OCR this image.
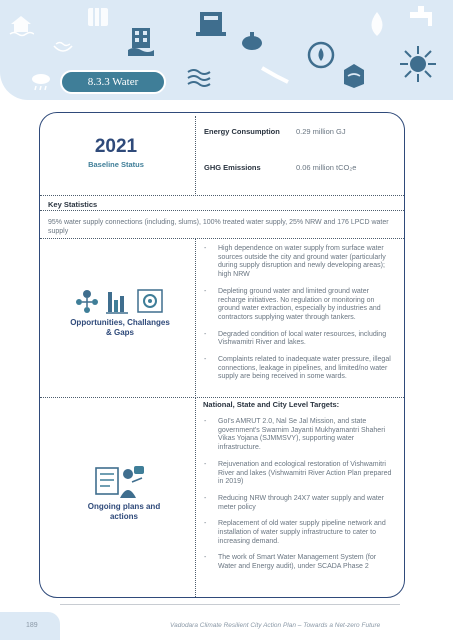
8.3.3 Water
2021
Baseline Status
Energy Consumption 0.29 million GJ
GHG Emissions	0.06 million tCO₂e
Key Statistics
95% water supply connections (including, slums), 100% treated water supply, 25% NRW and 176 LPCD water supply
Opportunities, Challanges & Gaps
- High dependence on water supply from surface water sources outside the city and ground water (particularly during supply disruption and newly developing areas); high NRW
- Depleting ground water and limited ground water recharge initiatives. No regulation or monitoring on ground water extraction, especially by industries and contractors supplying water through tankers.
- Degraded condition of local water resources, including Vishwamitri River and lakes.
- Complaints related to inadequate water pressure, illegal connections, leakage in pipelines, and limited/no water supply are being received in some wards.
Ongoing plans and actions
National, State and City Level Targets:
- GoI's AMRUT 2.0, Nal Se Jal Mission, and state government's Swarnim Jayanti Mukhyamantri Shaheri Vikas Yojana (SJMMSVY), supporting water infrastructure.
- Rejuvenation and ecological restoration of Vishwamitri River and lakes (Vishwamitri River Action Plan prepared in 2019)
- Reducing NRW through 24X7 water supply and water meter policy
- Replacement of old water supply pipeline network and installation of water supply infrastructure to cater to increasing demand.
- The work of Smart Water Management System (for Water and Energy audit), under SCADA Phase 2
189	Vadodara Climate Resilient City Action Plan – Towards a Net-zero Future
